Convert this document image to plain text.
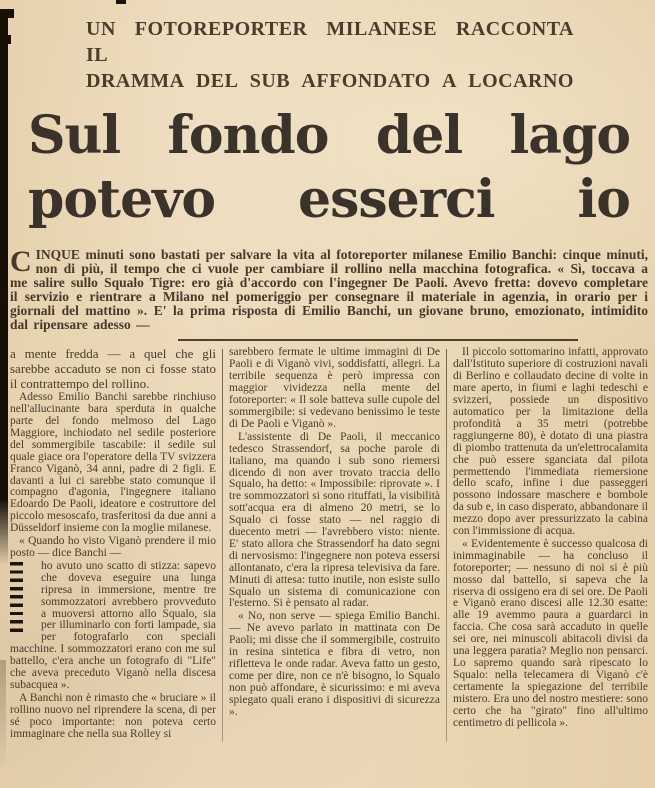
UN FOTOREPORTER MILANESE RACCONTA IL
DRAMMA DEL SUB AFFONDATO A LOCARNO
Sul fondo del lago
potevo esserci io
CINQUE minuti sono bastati per salvare la vita al fotoreporter milanese Emilio Banchi: cinque minuti, non di più, il tempo che ci vuole per cambiare il rollino nella macchina fotografica. « Sì, toccava a me salire sullo Squalo Tigre: ero già d'accordo con l'ingegner De Paoli. Avevo fretta: dovevo completare il servizio e rientrare a Milano nel pomeriggio per consegnare il materiale in agenzia, in orario per i giornali del mattino ». E' la prima risposta di Emilio Banchi, un giovane bruno, emozionato, intimidito dal ripensare adesso —

a mente fredda — a quel che gli sarebbe accaduto se non ci fosse stato il contrattempo del rollino.

Adesso Emilio Banchi sarebbe rinchiuso nell'allucinante bara sperduta in qualche parte del fondo melmoso del Lago Maggiore, inchiodato nel sedile posteriore del sommergibile tascabile: il sedile sul quale giace ora l'operatore della TV svizzera Franco Viganò, 34 anni, padre di 2 figli. E davanti a lui ci sarebbe stato comunque il compagno d'agonia, l'ingegnere italiano Edoardo De Paoli, ideatore e costruttore del piccolo mesoscafo, trasferitosi da due anni a Düsseldorf insieme con la moglie milanese.

« Quando ho visto Viganò prendere il mio posto — dice Banchi —

ho avuto uno scatto di stizza: sapevo che doveva eseguire una lunga ripresa in immersione, mentre tre sommozzatori avrebbero provveduto a muoversi attorno allo Squalo, sia per illuminarlo con forti lampade, sia per fotografarlo con speciali macchine. I sommozzatori erano con me sul battello, c'era anche un fotografo di "Life" che aveva preceduto Viganò nella discesa subacquea ».

A Banchi non è rimasto che « bruciare » il rollino nuovo nel riprendere la scena, di per sé poco importante: non poteva certo immaginare che nella sua Rolley si

sarebbero fermate le ultime immagini di De Paoli e di Viganò vivi, soddisfatti, allegri. La terribile sequenza è però impressa con maggior vividezza nella mente del fotoreporter: « Il sole batteva sulle cupole del sommergibile: si vedevano benissimo le teste di De Paoli e Viganò ».

L'assistente di De Paoli, il meccanico tedesco Strassendorf, sa poche parole di italiano, ma quando i sub sono riemersi dicendo di non aver trovato traccia dello Squalo, ha detto: « Impossibile: riprovate ». I tre sommozzatori si sono rituffati, la visibilità sott'acqua era di almeno 20 metri, se lo Squalo ci fosse stato — nel raggio di duecento metri — l'avrebbero visto: niente. E' stato allora che Strassendorf ha dato segni di nervosismo: l'ingegnere non poteva essersi allontanato, c'era la ripresa televisiva da fare. Minuti di attesa: tutto inutile, non esiste sullo Squalo un sistema di comunicazione con l'esterno. Si è pensato al radar.

« No, non serve — spiega Emilio Banchi. — Ne avevo parlato in mattinata con De Paoli; mi disse che il sommergibile, costruito in resina sintetica e fibra di vetro, non rifletteva le onde radar. Aveva fatto un gesto, come per dire, non ce n'è bisogno, lo Squalo non può affondare, è sicurissimo: e mi aveva spiegato quali erano i dispositivi di sicurezza ».

Il piccolo sottomarino infatti, approvato dall'Istituto superiore di costruzioni navali di Berlino e collaudato decine di volte in mare aperto, in fiumi e laghi tedeschi e svizzeri, possiede un dispositivo automatico per la limitazione della profondità a 35 metri (potrebbe raggiungerne 80), è dotato di una piastra di piombo trattenuta da un'elettrocalamita che può essere sganciata dal pilota permettendo l'immediata riemersione dello scafo, infine i due passeggeri possono indossare maschere e bombole da sub e, in caso disperato, abbandonare il mezzo dopo aver pressurizzato la cabina con l'immissione di acqua.

« Evidentemente è successo qualcosa di inimmaginabile — ha concluso il fotoreporter; — nessuno di noi si è più mosso dal battello, si sapeva che la riserva di ossigeno era di sei ore. De Paoli e Viganò erano discesi alle 12.30 esatte: alle 19 avemmo paura a guardarci in faccia. Che cosa sarà accaduto in quelle sei ore, nei minuscoli abitacoli divisi da una leggera paratia? Meglio non pensarci. Lo sapremo quando sarà ripescato lo Squalo: nella telecamera di Viganò c'è certamente la spiegazione del terribile mistero. Era uno del nostro mestiere: sono certo che ha "girato" fino all'ultimo centimetro di pellicola ».
